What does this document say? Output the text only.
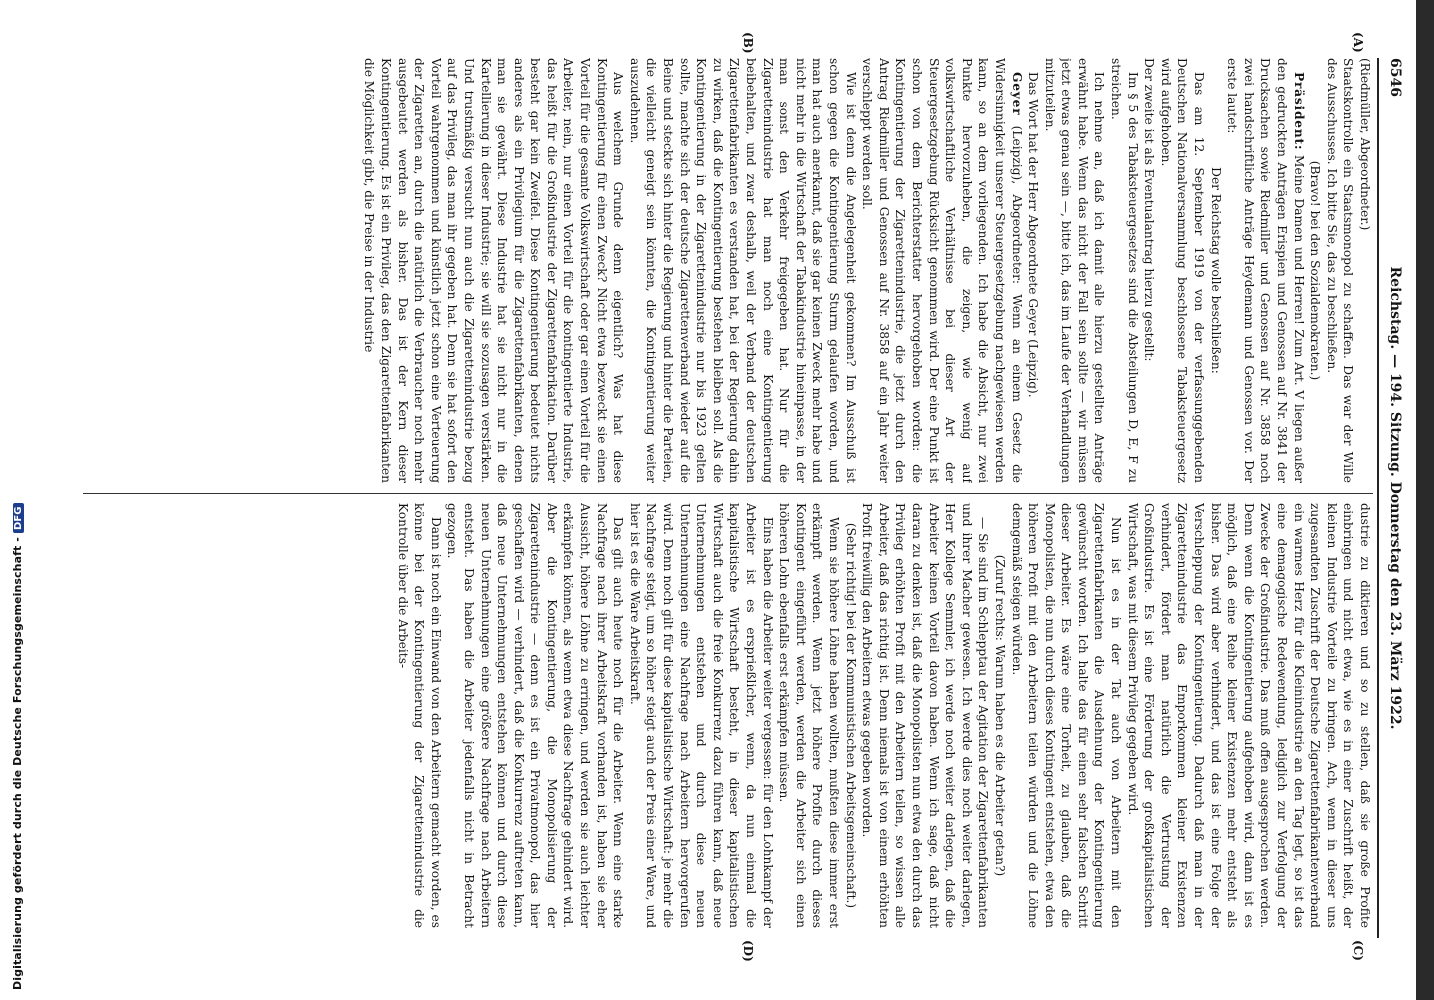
Digitalisierung gefördert durch die Deutsche Forschungsgemeinschaft -DFG
6546
Reichstag. — 194. Sitzung. Donnerstag den 23. März 1922.

(Riedmüller, Abgeordneter.)

Staatskontrolle ein Staatsmonopol zu schaffen. Das war der Wille des Ausschusses. Ich bitte Sie, das zu beschließen.

(Bravo! bei den Sozialdemokraten.)

Präsident: Meine Damen und Herren! Zum Art. V liegen außer den gedruckten Anträgen Erispien und Genossen auf Nr. 3841 der Drucksachen sowie Riedmiller und Genossen auf Nr. 3858 noch zwei handschriftliche Anträge Heydemann und Genossen vor. Der erste lautet:

Der Reichstag wolle beschließen:

Das am 12. September 1919 von der verfassunggebenden Deutschen Nationalversammlung beschlossene Tabaksteuergesetz wird aufgehoben.

Der zweite ist als Eventualantrag hierzu gestellt:

Im § 5 des Tabaksteuergesetzes sind die Absteilungen D, E, F zu streichen.

Ich nehme an, daß ich damit alle hierzu gestellten Anträge erwähnt habe. Wenn das nicht der Fall sein sollte — wir müssen jetzt etwas genau sein —, bitte ich, das im Laufe der Verhandlungen mitzuteilen.

Das Wort hat der Herr Abgeordnete Geyer (Leipzig).

Geyer (Leipzig), Abgeordneter: Wenn an einem Gesetz die Widersinnigkeit unserer Steuergesetzgebung nachgewiesen werden kann, so an dem vorliegenden. Ich habe die Absicht, nur zwei Punkte hervorzuheben, die zeigen, wie wenig auf volkswirtschaftliche Verhältnisse bei dieser Art der Steuergesetzgebung Rücksicht genommen wird. Der eine Punkt ist schon von dem Berichterstatter hervorgehoben worden: die Kontingentierung der Zigarettenindustrie, die jetzt durch den Antrag Riedmiller und Genossen auf Nr. 3858 auf ein Jahr weiter verschleppt werden soll.

Wie ist denn die Angelegenheit gekommen? Im Ausschuß ist schon gegen die Kontingentierung Sturm gelaufen worden, und man hat auch anerkannt, daß sie gar keinen Zweck mehr habe und nicht mehr in die Wirtschaft der Tabakindustrie hineinpasse, in der man sonst den Verkehr freigegeben hat. Nur für die Zigarettenindustrie hat man noch eine Kontingentierung beibehalten, und zwar deshalb, weil der Verband der deutschen Zigarettenfabrikanten es verstanden hat, bei der Regierung dahin zu wirken, daß die Kontingentierung bestehen bleiben soll. Als die Kontingentierung in der Zigarettenindustrie nur bis 1923 gelten sollte, machte sich der deutsche Zigarettenverband wieder auf die Beine und steckte sich hinter die Regierung und hinter die Parteien, die vielleicht geneigt sein könnten, die Kontingentierung weiter auszudehnen.

Aus welchem Grunde denn eigentlich? Was hat diese Kontingentierung für einen Zweck? Nicht etwa bezweckt sie einen Vorteil für die gesamte Volkswirtschaft oder gar einen Vorteil für die Arbeiter, nein, nur einen Vorteil für die kontingentierte Industrie, das heißt für die Großindustrie der Zigarettenfabrikation. Darüber besteht gar kein Zweifel. Diese Kontingentierung bedeutet nichts anderes als ein Privilegium für die Zigarettenfabrikanten, denen man sie gewährt. Diese Industrie hat sie nicht nur in die Kartellierung in dieser Industrie; sie will sie sozusagen verstärken. Und trustmäßig versucht nun auch die Zigarettenindustrie bezug auf das Privileg, das man ihr gegeben hat. Denn sie hat sofort den Vorteil wahrgenommen und künstlich jetzt schon eine Verteuerung der Zigaretten an, durch die natürlich die Verbraucher noch mehr ausgebeutet werden als bisher. Das ist der Kern dieser Kontingentierung. Es ist ein Privileg, das den Zigarettenfabrikanten die Möglichkeit gibt, die Preise in der Industrie

dustrie zu diktieren und so zu stellen, daß sie große Profite einbringen und nicht etwa, wie es in einer Zuschrift heißt, der kleinen Industrie Vorteile zu bringen. Ach, wenn in dieser uns zugesandten Zuschrift der Deutsche Zigarettenfabrikantenverband ein warmes Herz für die Kleinindustrie an den Tag legt, so ist das eine demagogische Redewendung, lediglich zur Verfolgung der Zwecke der Großindustrie. Das muß offen ausgesprochen werden. Denn wenn die Kontingentierung aufgehoben wird, dann ist es möglich, daß eine Reihe kleiner Existenzen mehr entsteht als bisher. Das wird aber verhindert, und das ist eine Folge der Verschleppung der Kontingentierung. Dadurch daß man in der Zigarettenindustrie das Emporkommen kleiner Existenzen verhindert, fördert man natürlich die Vertrustung der Großindustrie. Es ist eine Förderung der großkapitalistischen Wirtschaft, was mit diesem Privileg gegeben wird.

Nun ist es in der Tat auch von Arbeitern mit den Zigarettenfabrikanten die Ausdehnung der Kontingentierung gewünscht worden. Ich halte das für einen sehr falschen Schritt dieser Arbeiter. Es wäre eine Torheit, zu glauben, daß die Monopolisten, die nun durch dieses Kontingent entstehen, etwa den höheren Profit mit den Arbeitern teilen würden und die Löhne demgemäß steigen würden.

(Zuruf rechts: Warum haben es die Arbeiter getan?)

— Sie sind im Schlepptau der Agitation der Zigarettenfabrikanten und ihrer Macher gewesen. Ich werde dies noch weiter darlegen, Herr Kollege Semmler, ich werde noch weiter darlegen, daß die Arbeiter keinen Vorteil davon haben. Wenn ich sage, daß nicht daran zu denken ist, daß die Monopolisten nun etwa den durch das Privileg erhöhten Profit mit den Arbeitern teilen, so wissen alle Arbeiter, daß das richtig ist. Denn niemals ist von einem erhöhten Profit freiwillig den Arbeitern etwas gegeben worden.

(Sehr richtig! bei der Kommunistischen Arbeitsgemeinschaft.)

Wenn sie höhere Löhne haben wollten, mußten diese immer erst erkämpft werden. Wenn jetzt höhere Profite durch dieses Kontingent eingeführt werden, werden die Arbeiter sich einen höheren Lohn ebenfalls erst erkämpfen müssen.

Eins haben die Arbeiter weiter vergessen: für den Lohnkampf der Arbeiter ist es ersprießlicher, wenn, da nun einmal die kapitalistische Wirtschaft besteht, in dieser kapitalistischen Wirtschaft auch die freie Konkurrenz dazu führen kann, daß neue Unternehmungen entstehen und durch diese neuen Unternehmungen eine Nachfrage nach Arbeitern hervorgerufen wird. Denn noch gilt für diese kapitalistische Wirtschaft: je mehr die Nachfrage steigt, um so höher steigt auch der Preis einer Ware, und hier ist es die Ware Arbeitskraft.

Das gilt auch heute noch für die Arbeiter. Wenn eine starke Nachfrage nach ihrer Arbeitskraft vorhanden ist, haben sie eher Aussicht, höhere Löhne zu erringen, und werden sie auch leichter erkämpfen können, als wenn etwa diese Nachfrage gehindert wird. Aber die Kontingentierung, die Monopolisierung der Zigarettenindustrie — denn es ist ein Privatmonopol, das hier geschaffen wird — verhindert, daß die Konkurrenz auftreten kann, daß neue Unternehmungen entstehen können und durch diese neuen Unternehmungen eine größere Nachfrage nach Arbeitern entsteht. Das haben die Arbeiter jedenfalls nicht in Betracht gezogen.

Dann ist noch ein Einwand von den Arbeitern gemacht worden, es könne bei der Kontingentierung der Zigarettenindustrie die Kontrolle über die Arbeits-

(A)
(B)
(C)
(D)
